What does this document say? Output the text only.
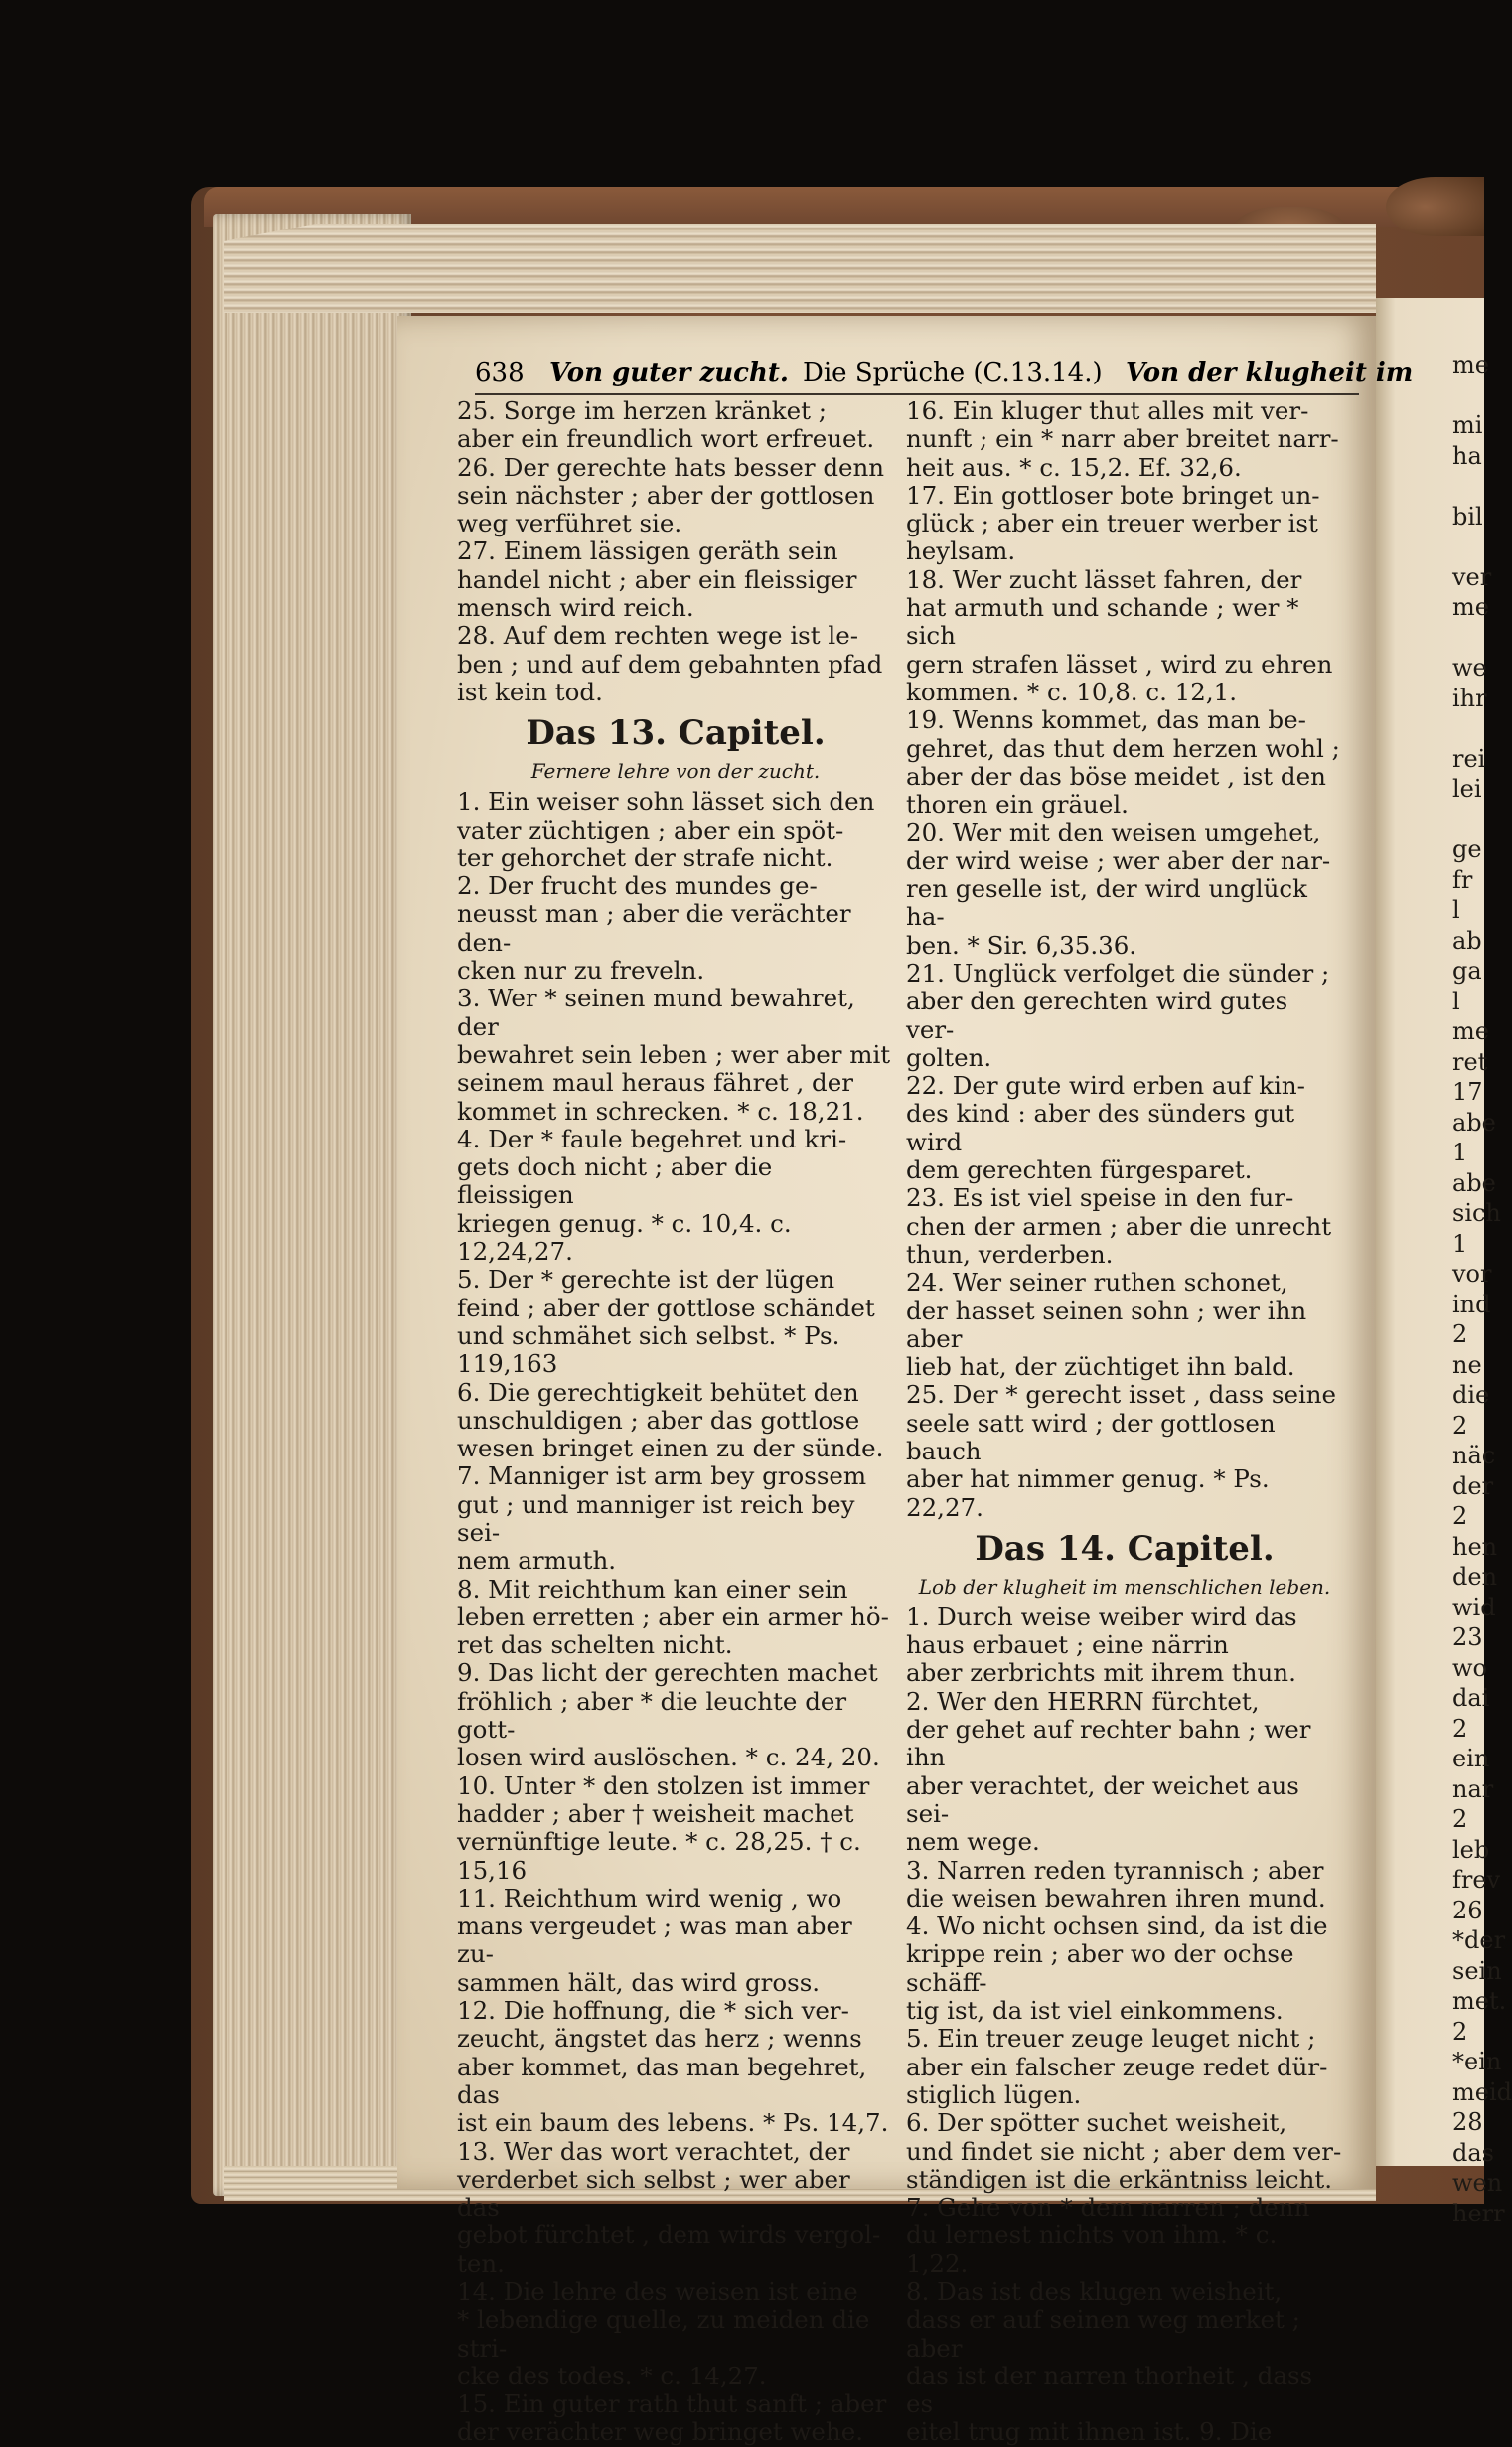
638 Von guter zucht. Die Sprüche (C.13.14.) Von der klugheit im
25. Sorge im herzen kränket ;
aber ein freundlich wort erfreuet.
26. Der gerechte hats besser denn
sein nächster ; aber der gottlosen
weg verführet sie.
27. Einem lässigen geräth sein
handel nicht ; aber ein fleissiger
mensch wird reich.
28. Auf dem rechten wege ist le-
ben ; und auf dem gebahnten pfad
ist kein tod.
Das 13. Capitel.
Fernere lehre von der zucht.
1. Ein weiser sohn lässet sich den
vater züchtigen ; aber ein spöt-
ter gehorchet der strafe nicht.
2. Der frucht des mundes ge-
neusst man ; aber die verächter den-
cken nur zu freveln.
3. Wer * seinen mund bewahret, der
bewahret sein leben ; wer aber mit
seinem maul heraus fähret , der
kommet in schrecken. * c. 18,21.
4. Der * faule begehret und kri-
gets doch nicht ; aber die fleissigen
kriegen genug. * c. 10,4. c. 12,24,27.
5. Der * gerechte ist der lügen
feind ; aber der gottlose schändet
und schmähet sich selbst. * Ps. 119,163
6. Die gerechtigkeit behütet den
unschuldigen ; aber das gottlose
wesen bringet einen zu der sünde.
7. Manniger ist arm bey grossem
gut ; und manniger ist reich bey sei-
nem armuth.
8. Mit reichthum kan einer sein
leben erretten ; aber ein armer hö-
ret das schelten nicht.
9. Das licht der gerechten machet
fröhlich ; aber * die leuchte der gott-
losen wird auslöschen. * c. 24, 20.
10. Unter * den stolzen ist immer
hadder ; aber † weisheit machet
vernünftige leute. * c. 28,25. † c. 15,16
11. Reichthum wird wenig , wo
mans vergeudet ; was man aber zu-
sammen hält, das wird gross.
12. Die hoffnung, die * sich ver-
zeucht, ängstet das herz ; wenns
aber kommet, das man begehret, das
ist ein baum des lebens. * Ps. 14,7.
13. Wer das wort verachtet, der
verderbet sich selbst ; wer aber das
gebot fürchtet , dem wirds vergol-
ten.
14. Die lehre des weisen ist eine
* lebendige quelle, zu meiden die stri-
cke des todes. * c. 14,27.
15. Ein guter rath thut sanft ; aber
der verächter weg bringet wehe.
16. Ein kluger thut alles mit ver-
nunft ; ein * narr aber breitet narr-
heit aus. * c. 15,2. Ef. 32,6.
17. Ein gottloser bote bringet un-
glück ; aber ein treuer werber ist
heylsam.
18. Wer zucht lässet fahren, der
hat armuth und schande ; wer * sich
gern strafen lässet , wird zu ehren
kommen. * c. 10,8. c. 12,1.
19. Wenns kommet, das man be-
gehret, das thut dem herzen wohl ;
aber der das böse meidet , ist den
thoren ein gräuel.
20. Wer mit den weisen umgehet,
der wird weise ; wer aber der nar-
ren geselle ist, der wird unglück ha-
ben. * Sir. 6,35.36.
21. Unglück verfolget die sünder ;
aber den gerechten wird gutes ver-
golten.
22. Der gute wird erben auf kin-
des kind : aber des sünders gut wird
dem gerechten fürgesparet.
23. Es ist viel speise in den fur-
chen der armen ; aber die unrecht
thun, verderben.
24. Wer seiner ruthen schonet,
der hasset seinen sohn ; wer ihn aber
lieb hat, der züchtiget ihn bald.
25. Der * gerecht isset , dass seine
seele satt wird ; der gottlosen bauch
aber hat nimmer genug. * Ps. 22,27.
Das 14. Capitel.
Lob der klugheit im menschlichen leben.
1. Durch weise weiber wird das
haus erbauet ; eine närrin
aber zerbrichts mit ihrem thun.
2. Wer den HERRN fürchtet,
der gehet auf rechter bahn ; wer ihn
aber verachtet, der weichet aus sei-
nem wege.
3. Narren reden tyrannisch ; aber
die weisen bewahren ihren mund.
4. Wo nicht ochsen sind, da ist die
krippe rein ; aber wo der ochse schäff-
tig ist, da ist viel einkommens.
5. Ein treuer zeuge leuget nicht ;
aber ein falscher zeuge redet dür-
stiglich lügen.
6. Der spötter suchet weisheit,
und findet sie nicht ; aber dem ver-
ständigen ist die erkäntniss leicht.
7. Gehe von * dem narren ; denn
du lernest nichts von ihm. * c. 1,22.
8. Das ist des klugen weisheit,
dass er auf seinen weg merket ; aber
das ist der narren thorheit , dass es
eitel trug mit ihnen ist. 9. Die
me

mi
ha

bil

ver
me

we
ihr

rei
lei

ge
fr
l
ab
ga
l
me
ret
17
abe
1
abe
sich
1
vor
ind
2
ne
die
2
näc
der
2
hen
den
wid
23
wo
dai
2
ein
nar
2
leb
frev
26
*der
sein
met.
2
*ein
meid
28
das
wen
herr
